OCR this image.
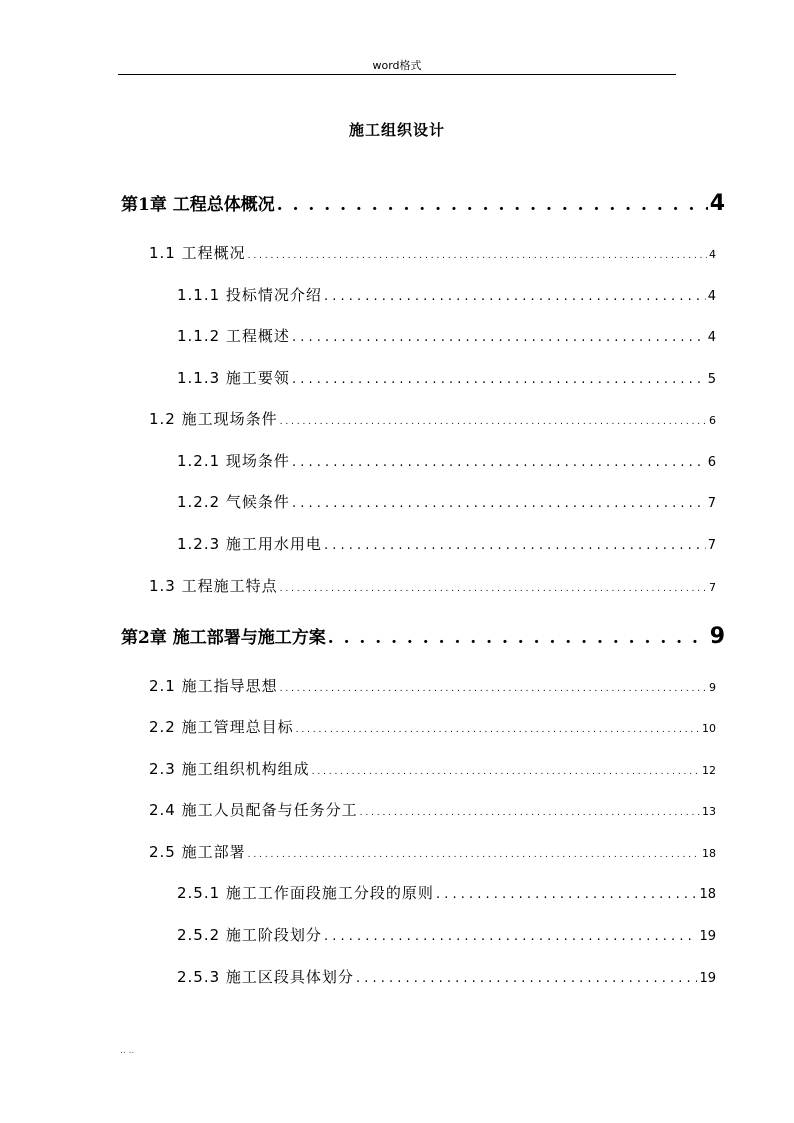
word格式
施工组织设计
第1章 工程总体概况 . . .	4
1.1 工程概况 . . .	4
1.1.1 投标情况介绍 . . .	4
1.1.2 工程概述 . . .	4
1.1.3 施工要领 . . .	5
1.2 施工现场条件 . . .	6
1.2.1 现场条件 . . .	6
1.2.2 气候条件 . . .	7
1.2.3 施工用水用电 . . .	7
1.3 工程施工特点 . . .	7
第2章 施工部署与施工方案 . . .	9
2.1 施工指导思想 . . .	9
2.2 施工管理总目标 . . .	10
2.3 施工组织机构组成 . . .	12
2.4 施工人员配备与任务分工 . . .	13
2.5 施工部署 . . .	18
2.5.1 施工工作面段施工分段的原则 . . .	18
2.5.2 施工阶段划分 . . .	19
2.5.3 施工区段具体划分 . . .	19
.. ..
